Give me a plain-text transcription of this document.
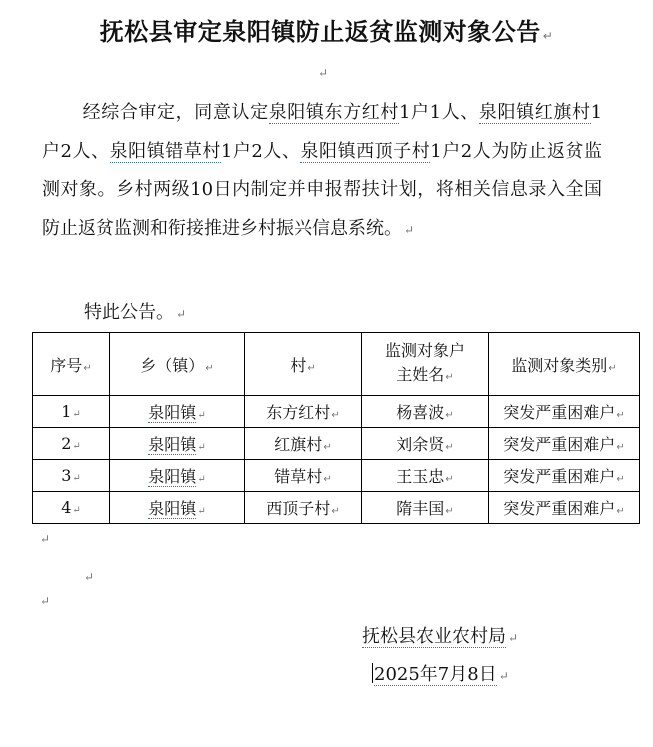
抚松县审定泉阳镇防止返贫监测对象公告 ↵
↵
经综合审定，同意认定泉阳镇东方红村1户1人、泉阳镇红旗村1户2人、泉阳镇错草村1户2人、泉阳镇西顶子村1户2人为防止返贫监测对象。乡村两级10日内制定并申报帮扶计划，将相关信息录入全国防止返贫监测和衔接推进乡村振兴信息系统。 ↵
特此公告。 ↵
序号↵	乡（镇）↵	村↵	监测对象户主姓名↵	监测对象类别↵
1↵	泉阳镇↵	东方红村↵	杨喜波↵	突发严重困难户↵
2↵	泉阳镇↵	红旗村↵	刘余贤↵	突发严重困难户↵
3↵	泉阳镇↵	错草村↵	王玉忠↵	突发严重困难户↵
4↵	泉阳镇↵	西顶子村↵	隋丰国↵	突发严重困难户↵
↵
↵
↵
抚松县农业农村局 ↵
2025年7月8日 ↵
